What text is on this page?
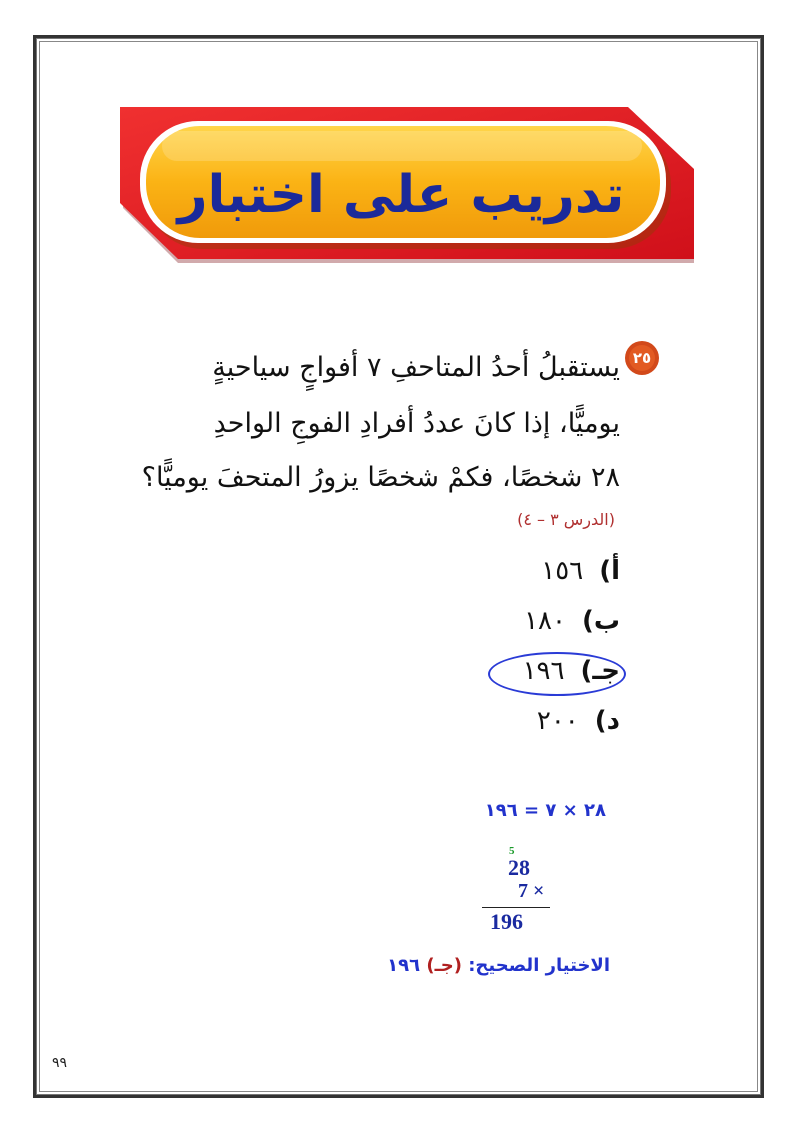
تدريب على اختبار
٢٥
يستقبلُ أحدُ المتاحفِ ٧ أفواجٍ سياحيةٍ
يوميًّا، إذا كانَ عددُ أفرادِ الفوجِ الواحدِ
٢٨ شخصًا، فكمْ شخصًا يزورُ المتحفَ يوميًّا؟
(الدرس ٣ – ٤)
أ)
١٥٦
ب)
١٨٠
جـ)
١٩٦
د)
٢٠٠
٢٨ × ٧ = ١٩٦
5
28
7 ×
196
الاختيار الصحيح: (جـ) ١٩٦
٩٩
